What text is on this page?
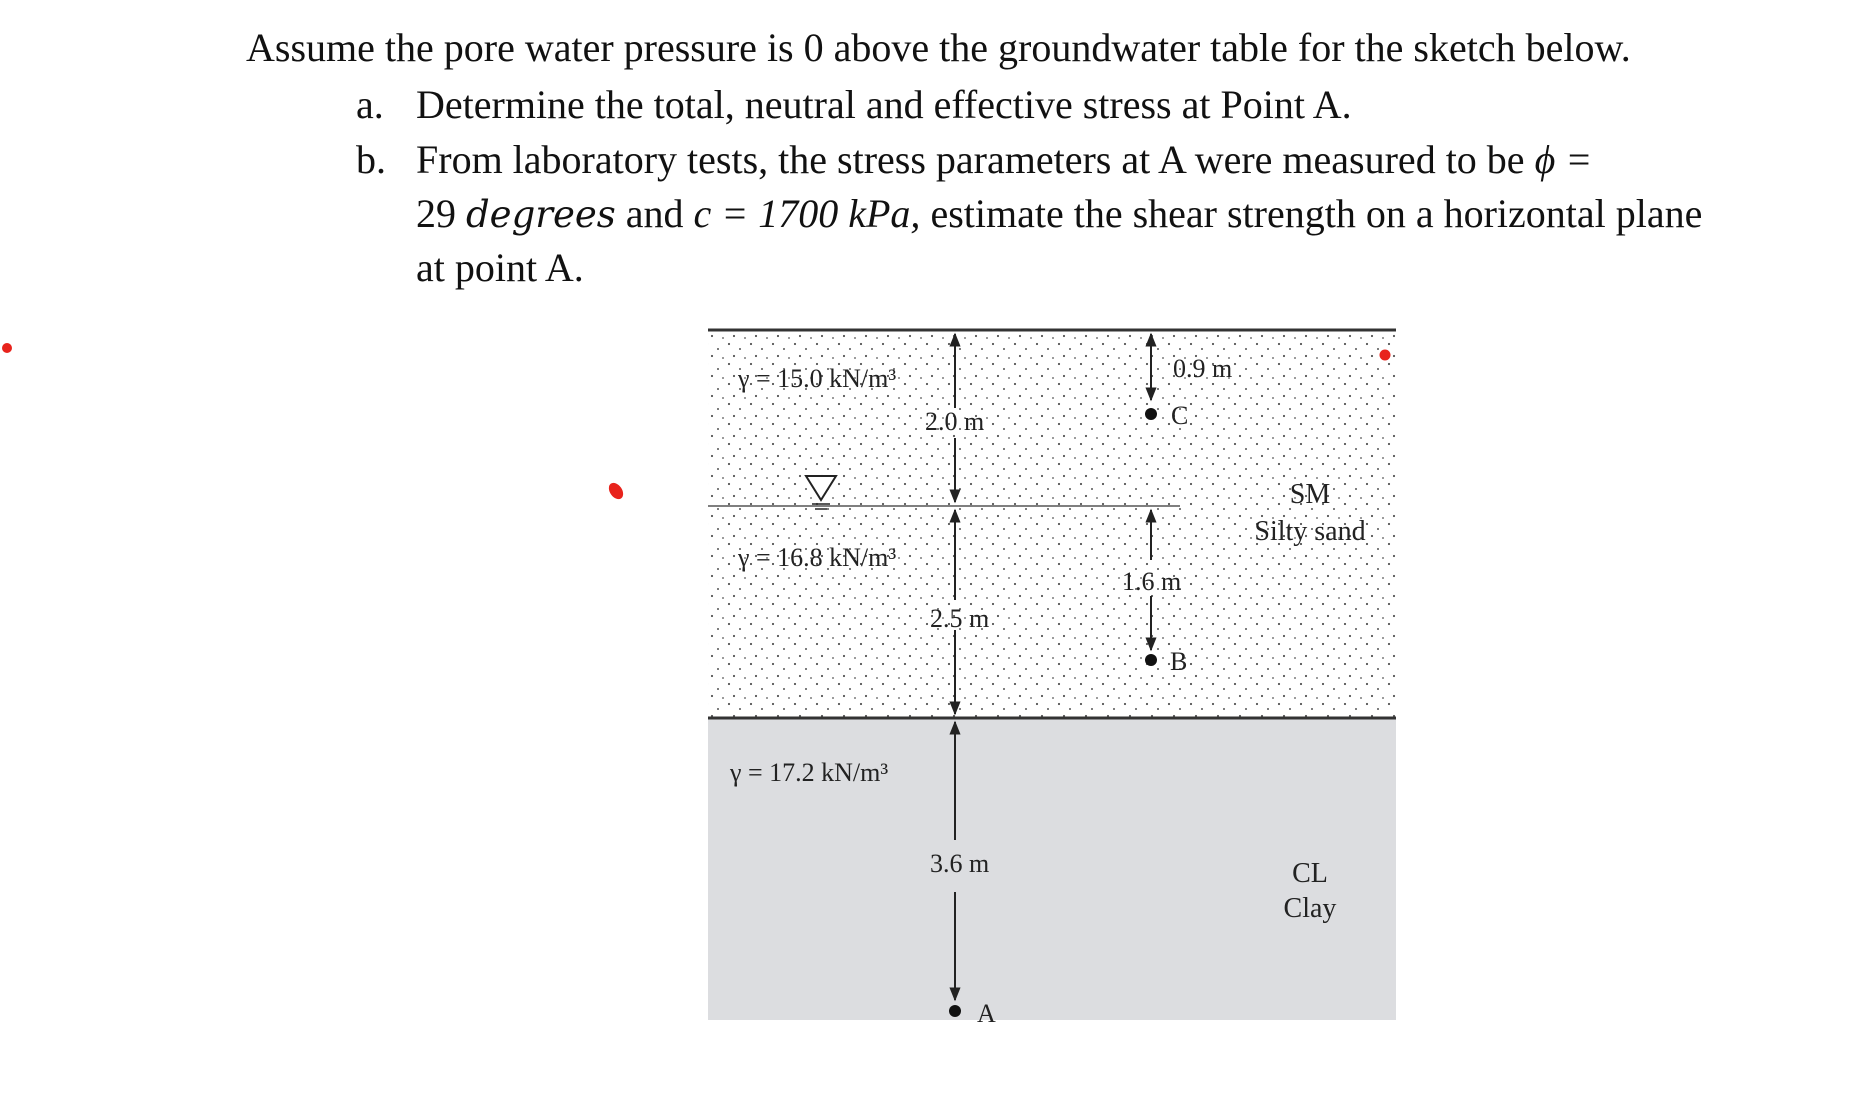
Assume the pore water pressure is 0 above the groundwater table for the sketch below.
a. Determine the total, neutral and effective stress at Point A.
b. From laboratory tests, the stress parameters at A were measured to be ϕ =
29 degrees and c = 1700 kPa, estimate the shear strength on a horizontal plane
at point A.
γ = 15.0 kN/m³
2.0 m
0.9 m
C
γ = 16.8 kN/m³
2.5 m
1.6 m
B
SM
Silty sand
γ = 17.2 kN/m³
3.6 m
A
CL
Clay
